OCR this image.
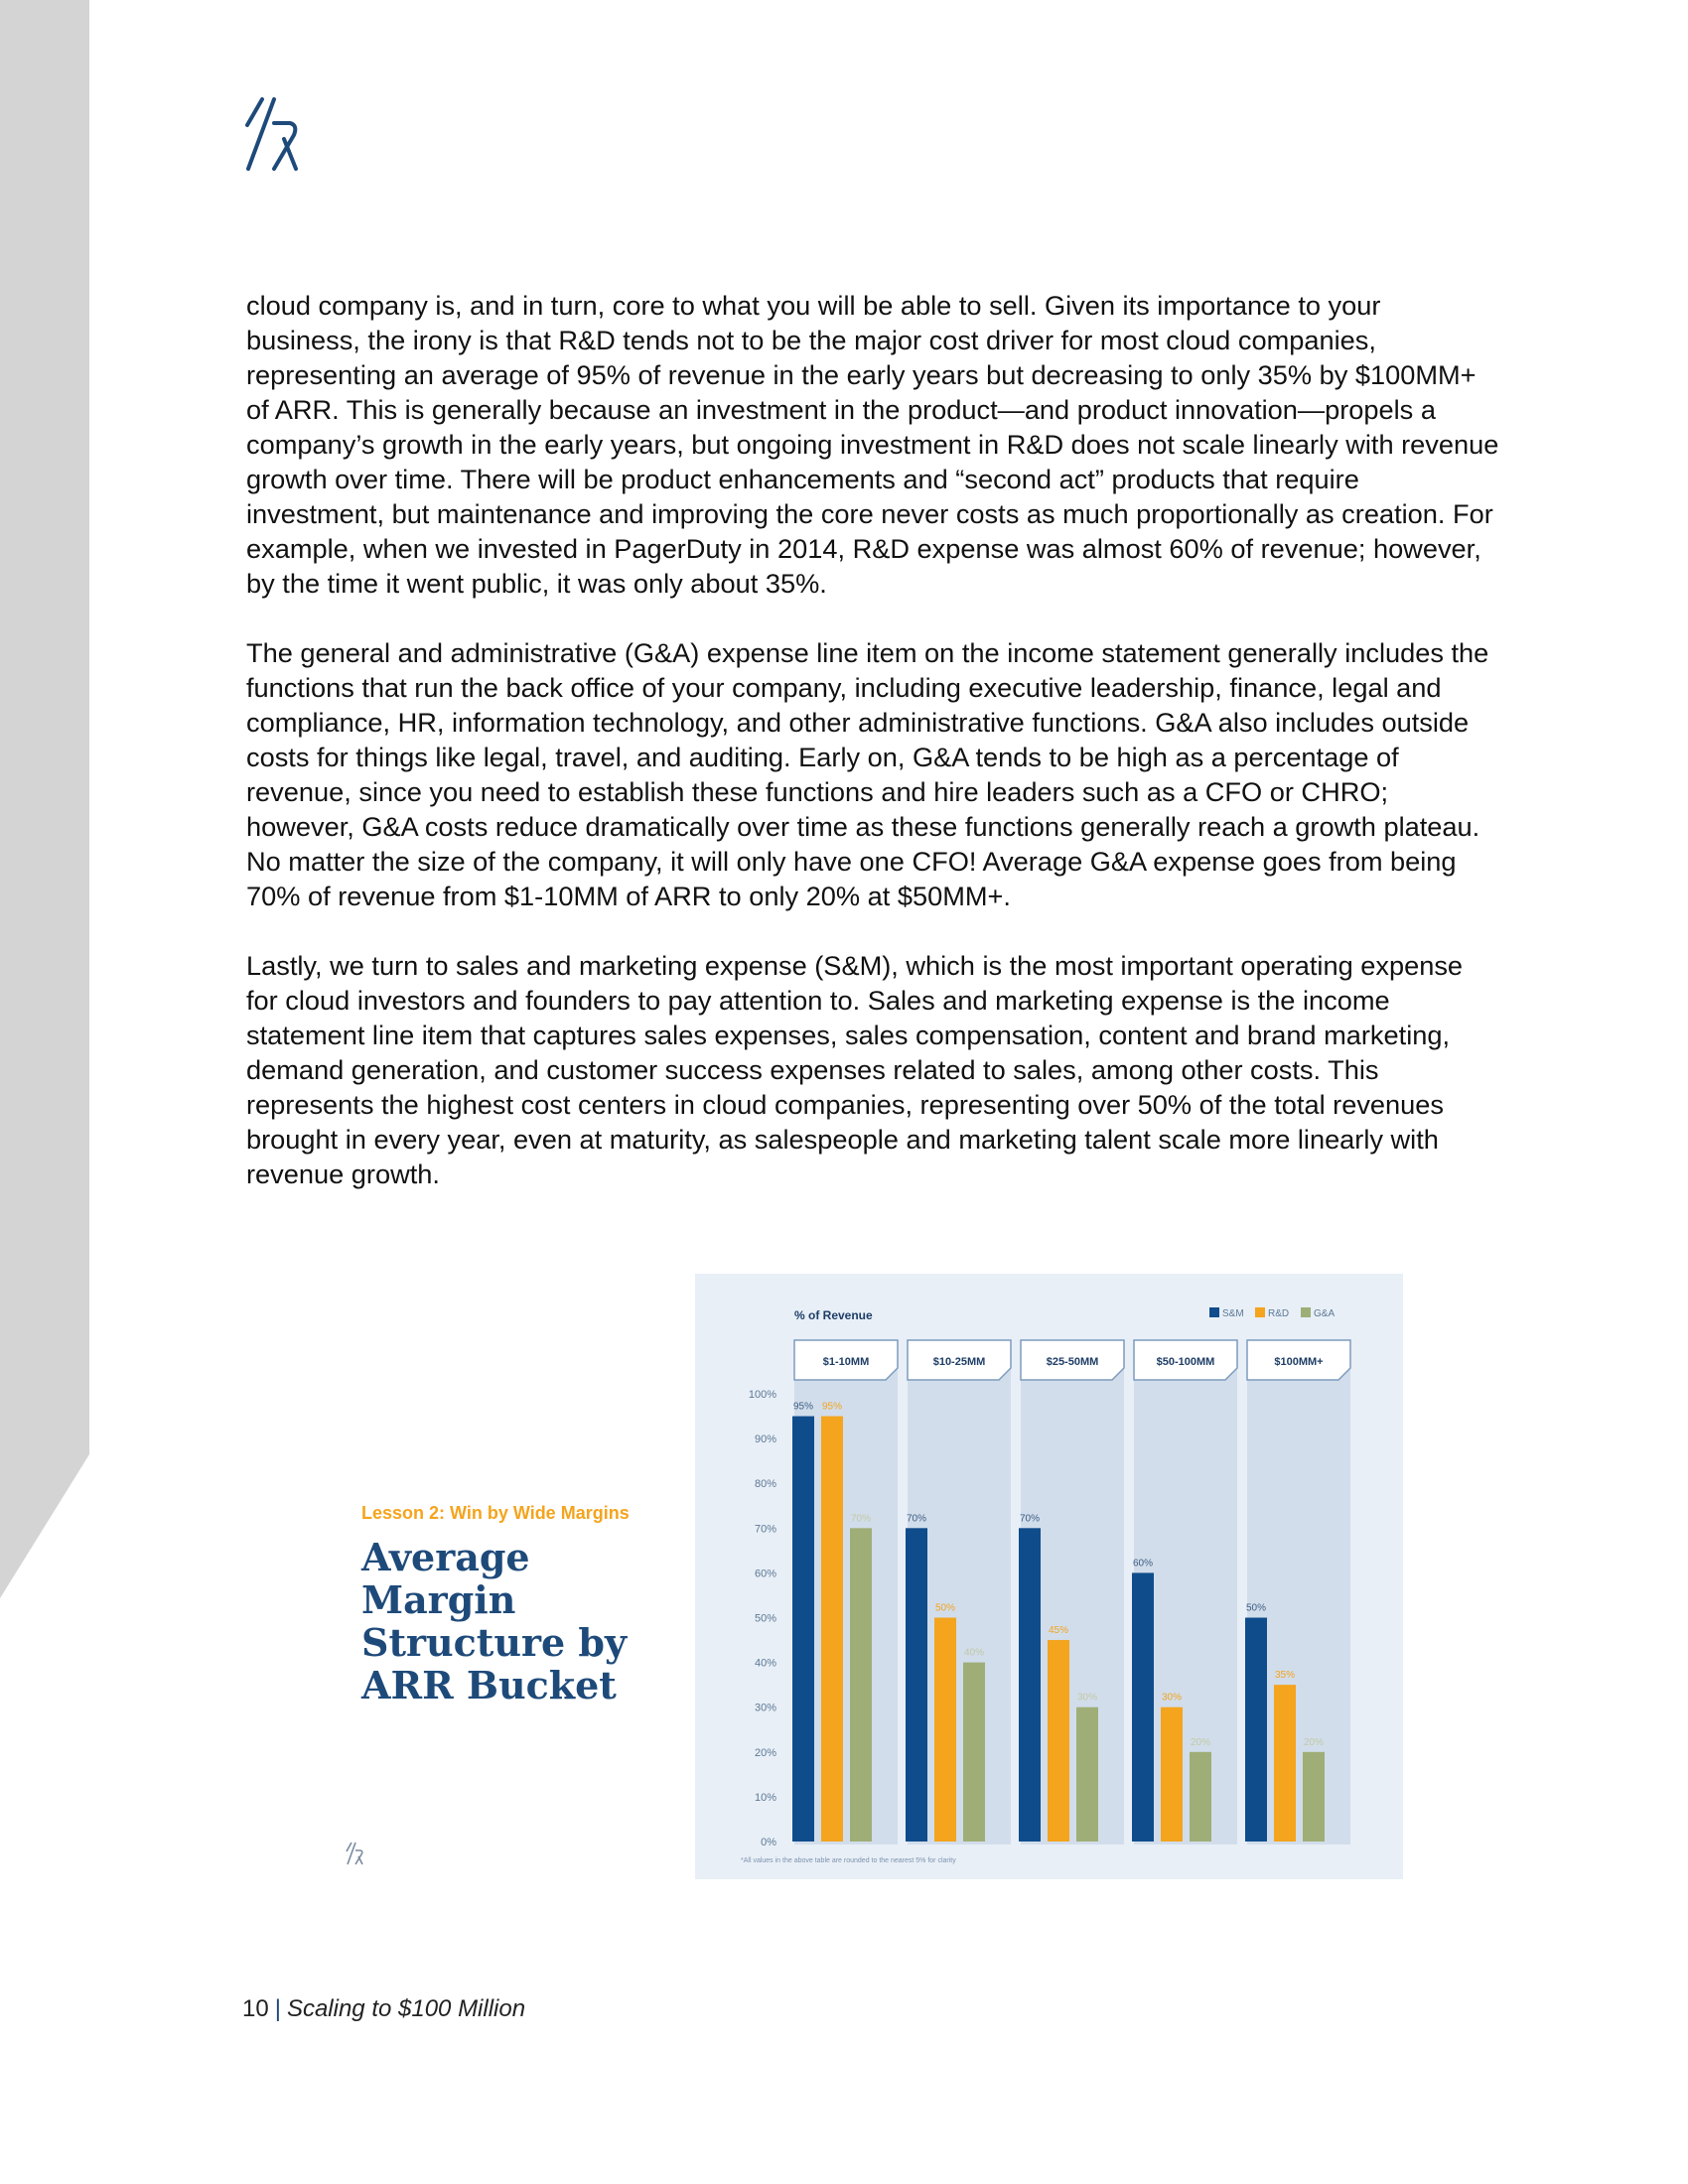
cloud company is, and in turn, core to what you will be able to sell. Given its importance to your business, the irony is that R&D tends not to be the major cost driver for most cloud companies, representing an average of 95% of revenue in the early years but decreasing to only 35% by $100MM+ of ARR. This is generally because an investment in the product—and product innovation—propels a company’s growth in the early years, but ongoing investment in R&D does not scale linearly with revenue growth over time. There will be product enhancements and “second act” products that require investment, but maintenance and improving the core never costs as much proportionally as creation. For example, when we invested in PagerDuty in 2014, R&D expense was almost 60% of revenue; however, by the time it went public, it was only about 35%.

The general and administrative (G&A) expense line item on the income statement generally includes the functions that run the back office of your company, including executive leadership, finance, legal and compliance, HR, information technology, and other administrative functions. G&A also includes outside costs for things like legal, travel, and auditing. Early on, G&A tends to be high as a percentage of revenue, since you need to establish these functions and hire leaders such as a CFO or CHRO; however, G&A costs reduce dramatically over time as these functions generally reach a growth plateau. No matter the size of the company, it will only have one CFO! Average G&A expense goes from being 70% of revenue from $1-10MM of ARR to only 20% at $50MM+.

Lastly, we turn to sales and marketing expense (S&M), which is the most important operating expense for cloud investors and founders to pay attention to. Sales and marketing expense is the income statement line item that captures sales expenses, sales compensation, content and brand marketing, demand generation, and customer success expenses related to sales, among other costs. This represents the highest cost centers in cloud companies, representing over 50% of the total revenues brought in every year, even at maturity, as salespeople and marketing talent scale more linearly with revenue growth.

Lesson 2: Win by Wide Margins
Average Margin
Structure by
ARR Bucket
% of Revenue	S&M R&D G&A
0%
10%
20%
30%
40%
50%
60%
70%
80%
90%
100%
$1-10MM
95% 95%
70%
$10-25MM
70%
50%
40%
$25-50MM
70%
45%
30%
$50-100MM
60%
30%
20%
$100MM+
50%
35%
20%
*All values in the above table are rounded to the nearest 5% for clarity
10 | Scaling to $100 Million
